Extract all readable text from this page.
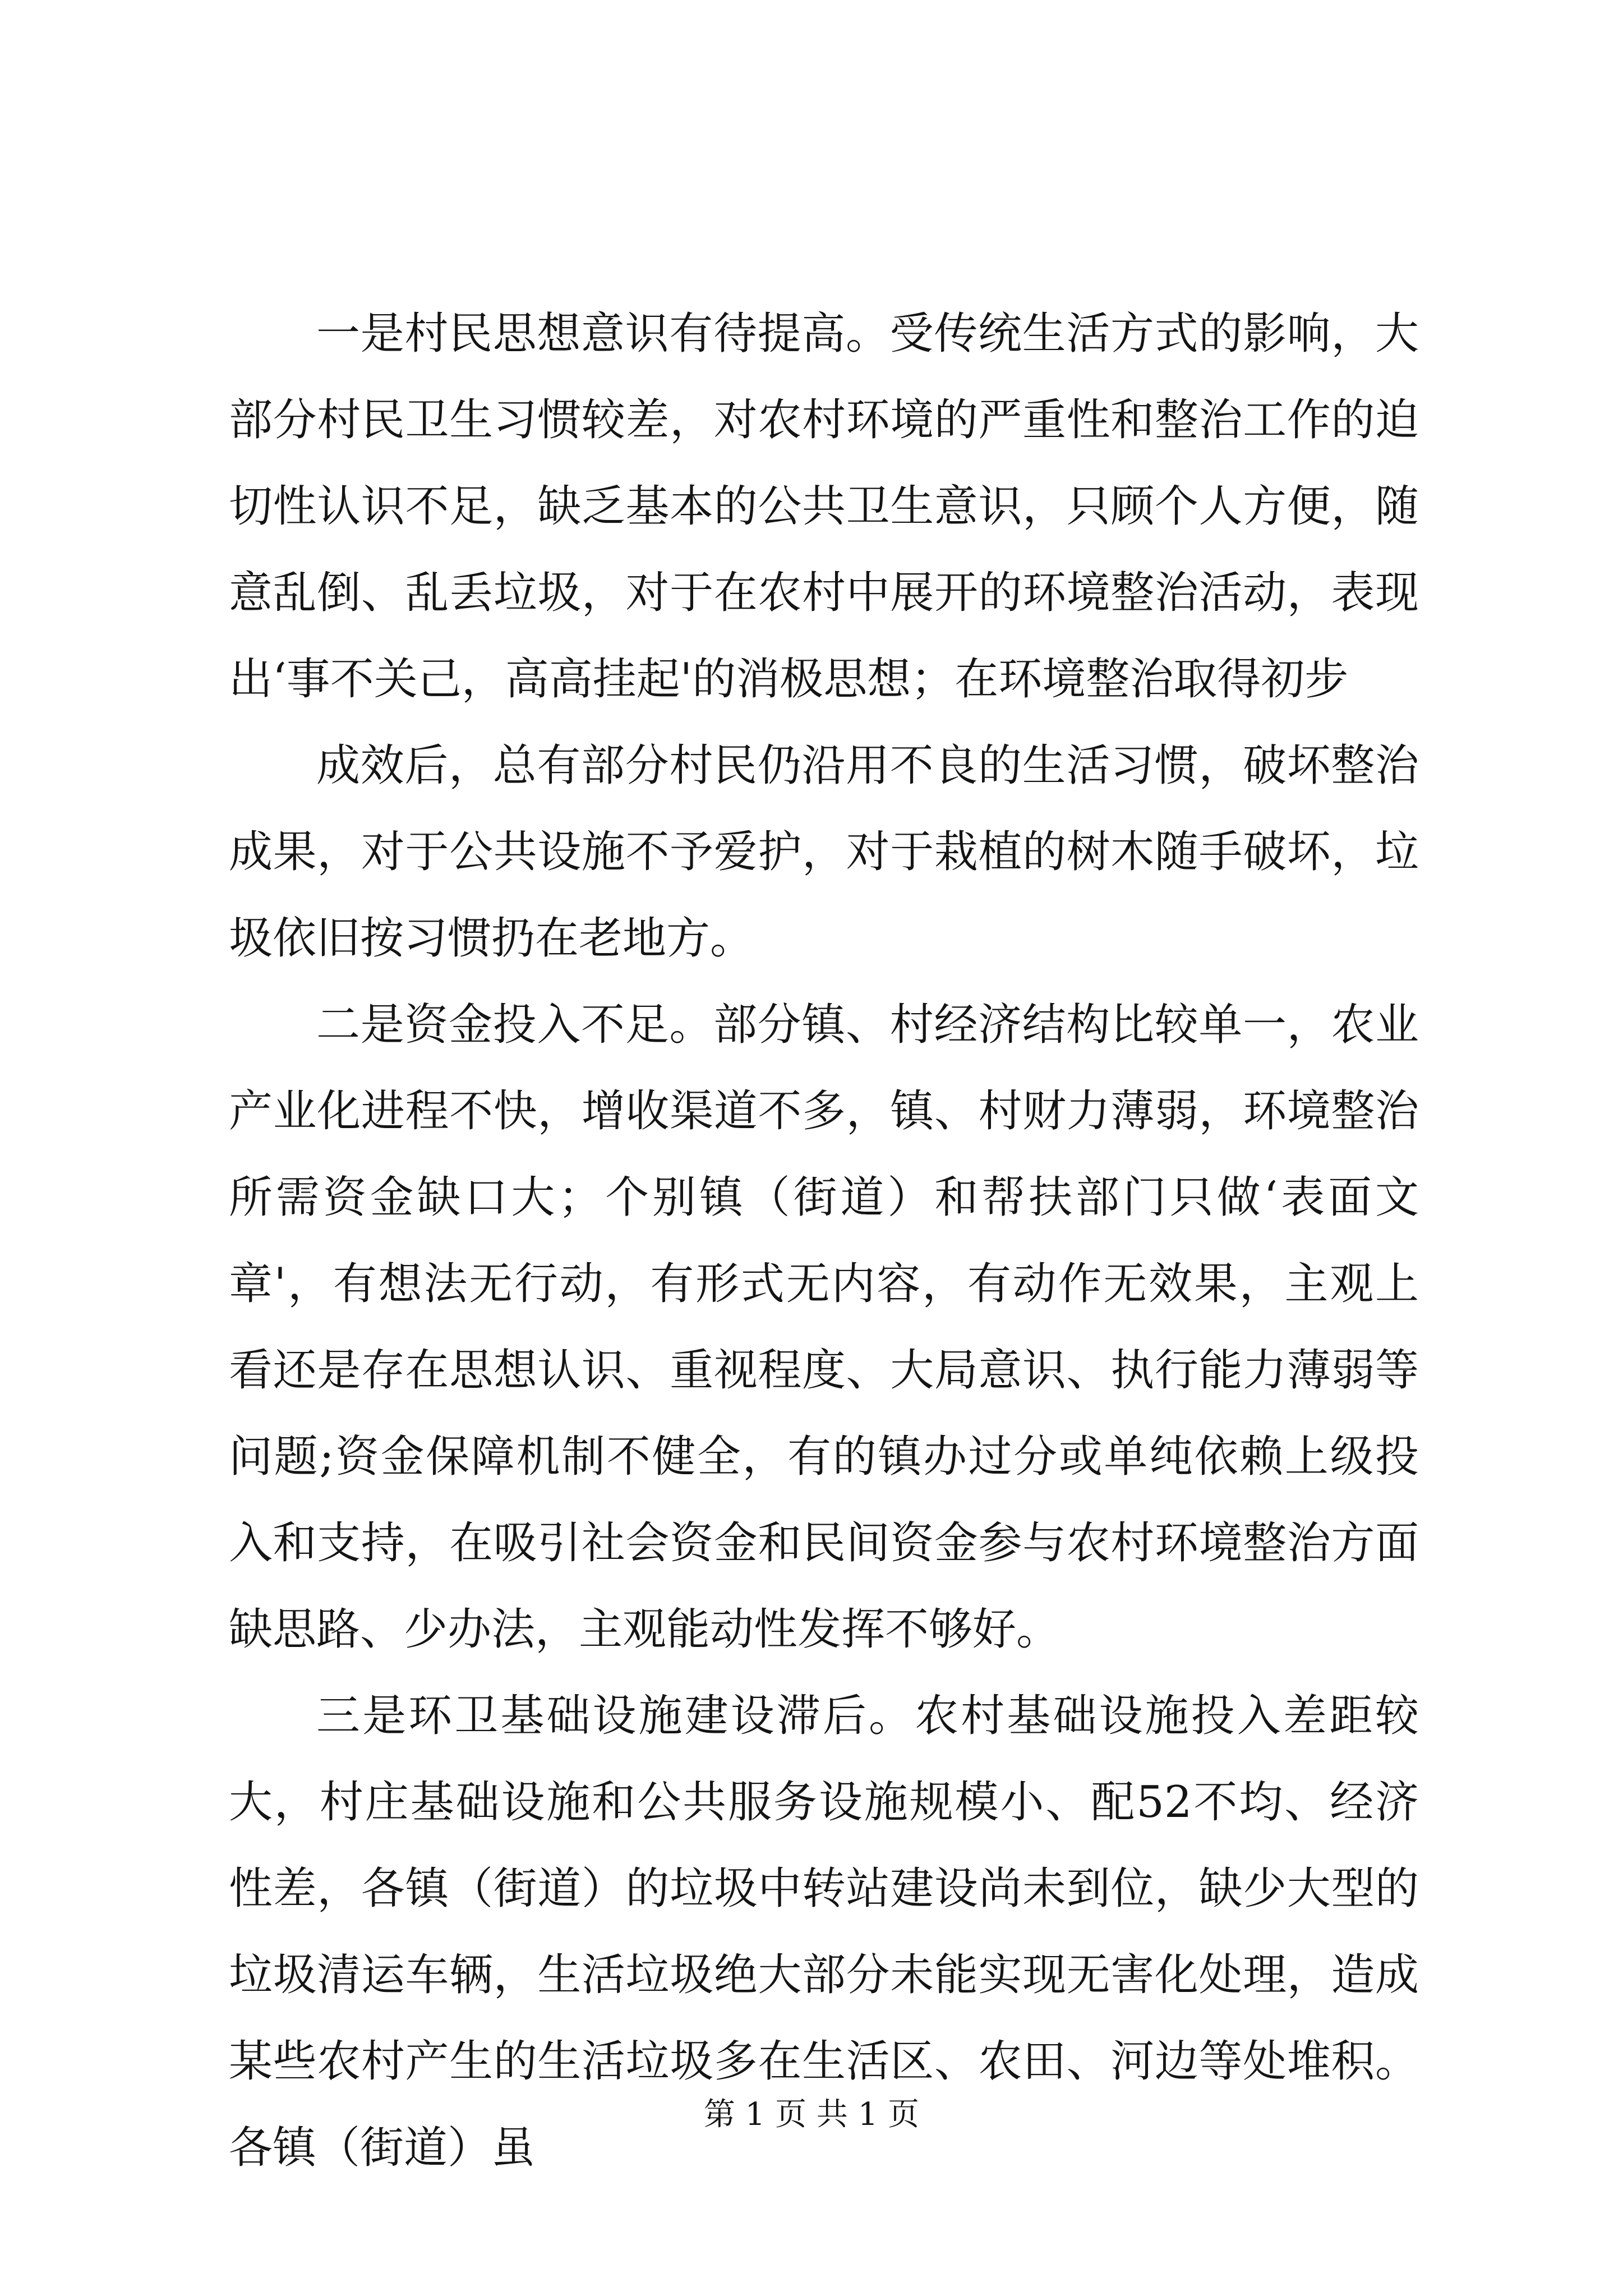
一是村民思想意识有待提高。受传统生活方式的影响，大部分村民卫生习惯较差，对农村环境的严重性和整治工作的迫切性认识不足，缺乏基本的公共卫生意识，只顾个人方便，随意乱倒、乱丢垃圾，对于在农村中展开的环境整治活动，表现出‘事不关己，高高挂起'的消极思想；在环境整治取得初步

成效后，总有部分村民仍沿用不良的生活习惯，破坏整治成果，对于公共设施不予爱护，对于栽植的树木随手破坏，垃圾依旧按习惯扔在老地方。

二是资金投入不足。部分镇、村经济结构比较单一，农业产业化进程不快，增收渠道不多，镇、村财力薄弱，环境整治所需资金缺口大；个别镇（街道）和帮扶部门只做‘表面文章'，有想法无行动，有形式无内容，有动作无效果，主观上看还是存在思想认识、重视程度、大局意识、执行能力薄弱等问题;资金保障机制不健全，有的镇办过分或单纯依赖上级投入和支持，在吸引社会资金和民间资金参与农村环境整治方面缺思路、少办法，主观能动性发挥不够好。

三是环卫基础设施建设滞后。农村基础设施投入差距较大，村庄基础设施和公共服务设施规模小、配52不均、经济性差，各镇（街道）的垃圾中转站建设尚未到位，缺少大型的垃圾清运车辆，生活垃圾绝大部分未能实现无害化处理，造成某些农村产生的生活垃圾多在生活区、农田、河边等处堆积。各镇（街道）虽

第 1 页 共 1 页
